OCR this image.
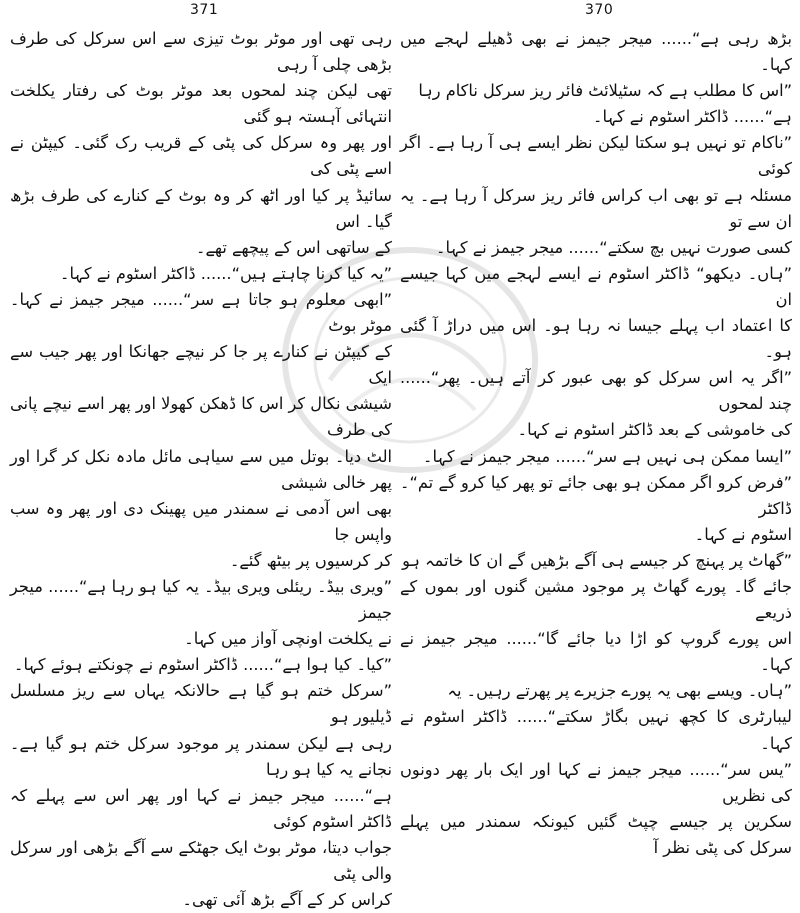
371	370

بڑھ رہی ہے“...... میجر جیمز نے بھی ڈھیلے لہجے میں کہا۔

”اس کا مطلب ہے کہ سٹیلائٹ فائر ریز سرکل ناکام رہا

ہے“...... ڈاکٹر اسٹوم نے کہا۔

”ناکام تو نہیں ہو سکتا لیکن نظر ایسے ہی آ رہا ہے۔ اگر کوئی

مسئلہ ہے تو بھی اب کراس فائر ریز سرکل آ رہا ہے۔ یہ ان سے تو

کسی صورت نہیں بچ سکتے“...... میجر جیمز نے کہا۔

”ہاں۔ دیکھو“ ڈاکٹر اسٹوم نے ایسے لہجے میں کہا جیسے ان

کا اعتماد اب پہلے جیسا نہ رہا ہو۔ اس میں دراڑ آ گئی ہو۔

”اگر یہ اس سرکل کو بھی عبور کر آتے ہیں۔ پھر“...... چند لمحوں

کی خاموشی کے بعد ڈاکٹر اسٹوم نے کہا۔

”ایسا ممکن ہی نہیں ہے سر“...... میجر جیمز نے کہا۔

”فرض کرو اگر ممکن ہو بھی جائے تو پھر کیا کرو گے تم“۔ ڈاکٹر

اسٹوم نے کہا۔

”گھاٹ پر پہنچ کر جیسے ہی آگے بڑھیں گے ان کا خاتمہ ہو

جائے گا۔ پورے گھاٹ پر موجود مشین گنوں اور بموں کے ذریعے

اس پورے گروپ کو اڑا دیا جائے گا“...... میجر جیمز نے کہا۔

”ہاں۔ ویسے بھی یہ پورے جزیرے پر پھرتے رہیں۔ یہ

لیبارٹری کا کچھ نہیں بگاڑ سکتے“...... ڈاکٹر اسٹوم نے کہا۔

”یس سر“...... میجر جیمز نے کہا اور ایک بار پھر دونوں کی نظریں

سکرین پر جیسے چپٹ گئیں کیونکہ سمندر میں پہلے سرکل کی پٹی نظر آ

رہی تھی اور موٹر بوٹ تیزی سے اس سرکل کی طرف بڑھی چلی آ رہی

تھی لیکن چند لمحوں بعد موٹر بوٹ کی رفتار یکلخت انتہائی آہستہ ہو گئی

اور پھر وہ سرکل کی پٹی کے قریب رک گئی۔ کیپٹن نے اسے پٹی کی

سائیڈ پر کیا اور اٹھ کر وہ بوٹ کے کنارے کی طرف بڑھ گیا۔ اس

کے ساتھی اس کے پیچھے تھے۔

”یہ کیا کرنا چاہتے ہیں“...... ڈاکٹر اسٹوم نے کہا۔

”ابھی معلوم ہو جاتا ہے سر“...... میجر جیمز نے کہا۔ موٹر بوٹ

کے کیپٹن نے کنارے پر جا کر نیچے جھانکا اور پھر جیب سے ایک

شیشی نکال کر اس کا ڈھکن کھولا اور پھر اسے نیچے پانی کی طرف

الٹ دیا۔ بوتل میں سے سیاہی مائل مادہ نکل کر گرا اور پھر خالی شیشی

بھی اس آدمی نے سمندر میں پھینک دی اور پھر وہ سب واپس جا

کر کرسیوں پر بیٹھ گئے۔

”ویری بیڈ۔ ریئلی ویری بیڈ۔ یہ کیا ہو رہا ہے“...... میجر جیمز

نے یکلخت اونچی آواز میں کہا۔

”کیا۔ کیا ہوا ہے“...... ڈاکٹر اسٹوم نے چونکتے ہوئے کہا۔

”سرکل ختم ہو گیا ہے حالانکہ یہاں سے ریز مسلسل ڈیلیور ہو

رہی ہے لیکن سمندر پر موجود سرکل ختم ہو گیا ہے۔ نجانے یہ کیا ہو رہا

ہے“...... میجر جیمز نے کہا اور پھر اس سے پہلے کہ ڈاکٹر اسٹوم کوئی

جواب دیتا، موٹر بوٹ ایک جھٹکے سے آگے بڑھی اور سرکل والی پٹی

کراس کر کے آگے بڑھ آئی تھی۔
